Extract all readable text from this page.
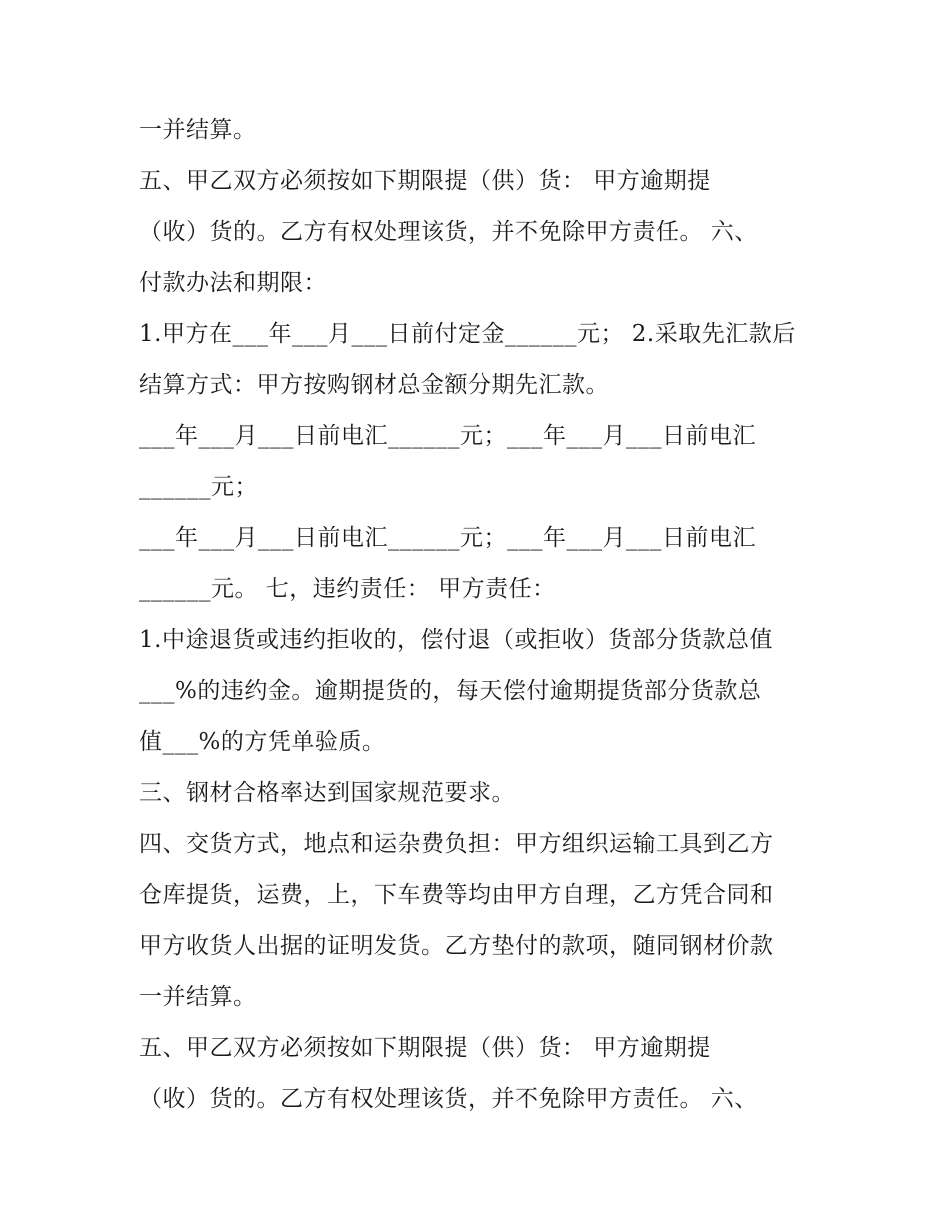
一并结算。
五、甲乙双方必须按如下期限提（供）货： 甲方逾期提
（收）货的。乙方有权处理该货，并不免除甲方责任。 六、
付款办法和期限：
1.甲方在___年___月___日前付定金______元； 2.采取先汇款后
结算方式：甲方按购钢材总金额分期先汇款。
___年___月___日前电汇______元；___年___月___日前电汇
______元；
___年___月___日前电汇______元；___年___月___日前电汇
______元。 七，违约责任： 甲方责任：
1.中途退货或违约拒收的，偿付退（或拒收）货部分货款总值
___%的违约金。逾期提货的，每天偿付逾期提货部分货款总
值___%的方凭单验质。
三、钢材合格率达到国家规范要求。
四、交货方式，地点和运杂费负担：甲方组织运输工具到乙方
仓库提货，运费，上，下车费等均由甲方自理，乙方凭合同和
甲方收货人出据的证明发货。乙方垫付的款项，随同钢材价款
一并结算。
五、甲乙双方必须按如下期限提（供）货： 甲方逾期提
（收）货的。乙方有权处理该货，并不免除甲方责任。 六、
